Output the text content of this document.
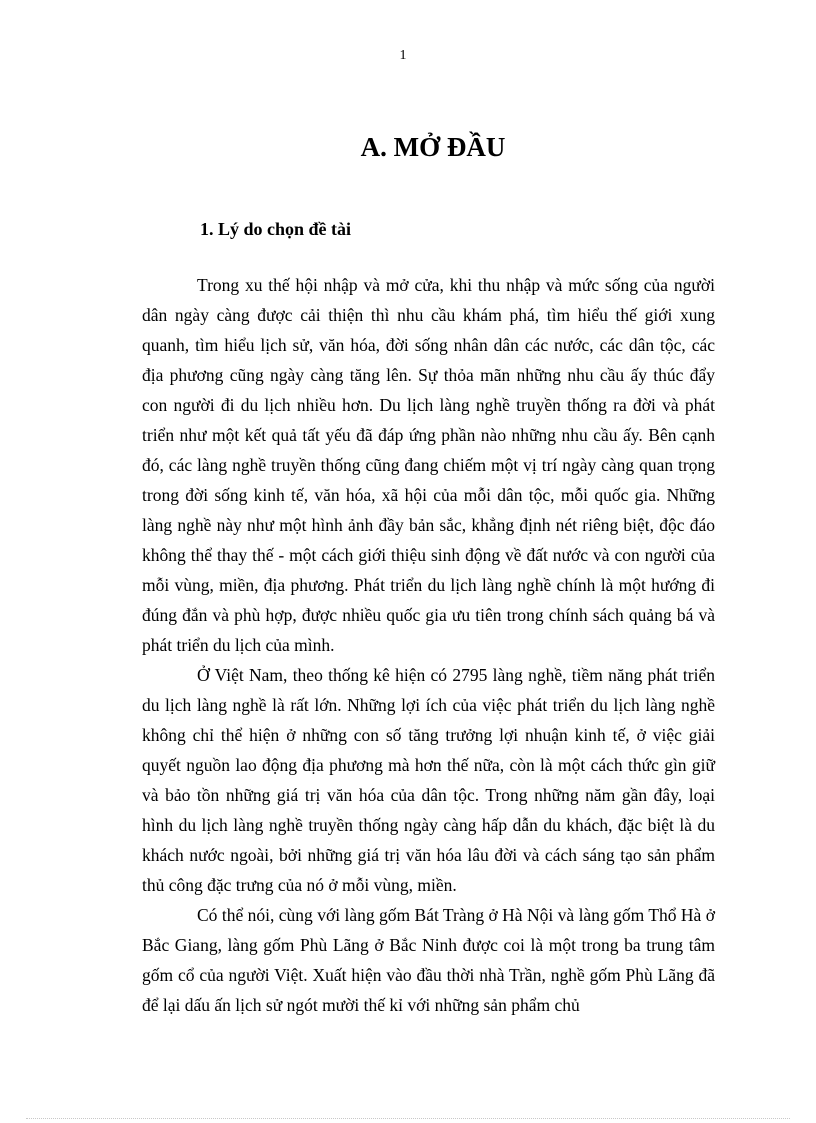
1
A. MỞ ĐẦU
1. Lý do chọn đề tài

Trong xu thế hội nhập và mở cửa, khi thu nhập và mức sống của người dân ngày càng được cải thiện thì nhu cầu khám phá, tìm hiểu thế giới xung quanh, tìm hiểu lịch sử, văn hóa, đời sống nhân dân các nước, các dân tộc, các địa phương cũng ngày càng tăng lên. Sự thỏa mãn những nhu cầu ấy thúc đẩy con người đi du lịch nhiều hơn. Du lịch làng nghề truyền thống ra đời và phát triển như một kết quả tất yếu đã đáp ứng phần nào những nhu cầu ấy. Bên cạnh đó, các làng nghề truyền thống cũng đang chiếm một vị trí ngày càng quan trọng trong đời sống kinh tế, văn hóa, xã hội của mỗi dân tộc, mỗi quốc gia. Những làng nghề này như một hình ảnh đầy bản sắc, khẳng định nét riêng biệt, độc đáo không thể thay thế - một cách giới thiệu sinh động về đất nước và con người của mỗi vùng, miền, địa phương. Phát triển du lịch làng nghề chính là một hướng đi đúng đắn và phù hợp, được nhiều quốc gia ưu tiên trong chính sách quảng bá và phát triển du lịch của mình.

Ở Việt Nam, theo thống kê hiện có 2795 làng nghề, tiềm năng phát triển du lịch làng nghề là rất lớn. Những lợi ích của việc phát triển du lịch làng nghề không chỉ thể hiện ở những con số tăng trưởng lợi nhuận kinh tế, ở việc giải quyết nguồn lao động địa phương mà hơn thế nữa, còn là một cách thức gìn giữ và bảo tồn những giá trị văn hóa của dân tộc. Trong những năm gần đây, loại hình du lịch làng nghề truyền thống ngày càng hấp dẫn du khách, đặc biệt là du khách nước ngoài, bởi những giá trị văn hóa lâu đời và cách sáng tạo sản phẩm thủ công đặc trưng của nó ở mỗi vùng, miền.

Có thể nói, cùng với làng gốm Bát Tràng ở Hà Nội và làng gốm Thổ Hà ở Bắc Giang, làng gốm Phù Lãng ở Bắc Ninh được coi là một trong ba trung tâm gốm cổ của người Việt. Xuất hiện vào đầu thời nhà Trần, nghề gốm Phù Lãng đã để lại dấu ấn lịch sử ngót mười thế kỉ với những sản phẩm chủ
